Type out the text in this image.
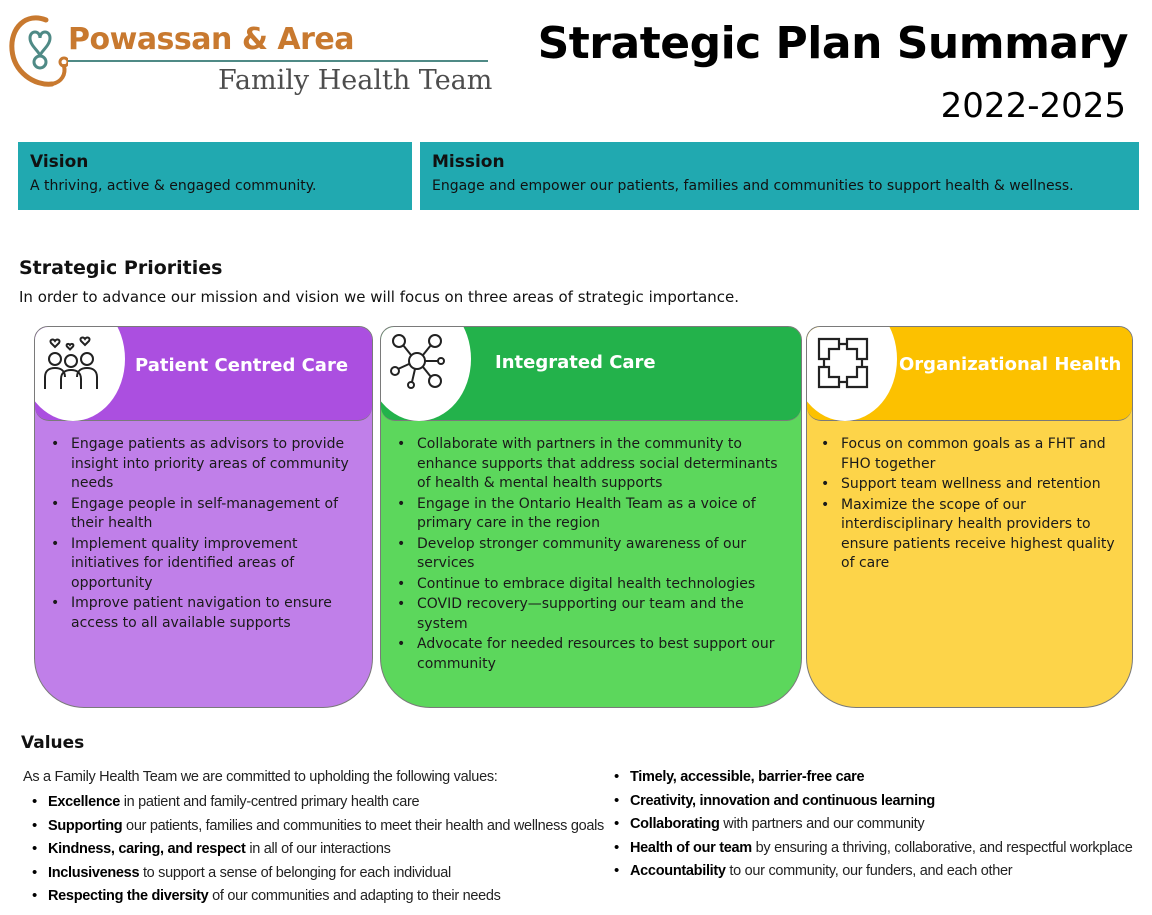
Powassan & Area
Family Health Team
Strategic Plan Summary
2022-2025
Vision

A thriving, active & engaged community.

Mission

Engage and empower our patients, families and communities to support health & wellness.

Strategic Priorities
In order to advance our mission and vision we will focus on three areas of strategic importance.
Patient Centred Care
• Engage patients as advisors to provide insight into priority areas of community needs
• Engage people in self-management of their health
• Implement quality improvement initiatives for identified areas of opportunity
• Improve patient navigation to ensure access to all available supports
Integrated Care
• Collaborate with partners in the community to enhance supports that address social determinants of health & mental health supports
• Engage in the Ontario Health Team as a voice of primary care in the region
• Develop stronger community awareness of our services
• Continue to embrace digital health technologies
• COVID recovery—supporting our team and the system
• Advocate for needed resources to best support our community
Organizational Health
• Focus on common goals as a FHT and FHO together
• Support team wellness and retention
• Maximize the scope of our interdisciplinary health providers to ensure patients receive highest quality of care
Values
As a Family Health Team we are committed to upholding the following values:
• Excellence in patient and family-centred primary health care
• Supporting our patients, families and communities to meet their health and wellness goals
• Kindness, caring, and respect in all of our interactions
• Inclusiveness to support a sense of belonging for each individual
• Respecting the diversity of our communities and adapting to their needs
• Timely, accessible, barrier-free care
• Creativity, innovation and continuous learning
• Collaborating with partners and our community
• Health of our team by ensuring a thriving, collaborative, and respectful workplace
• Accountability to our community, our funders, and each other
